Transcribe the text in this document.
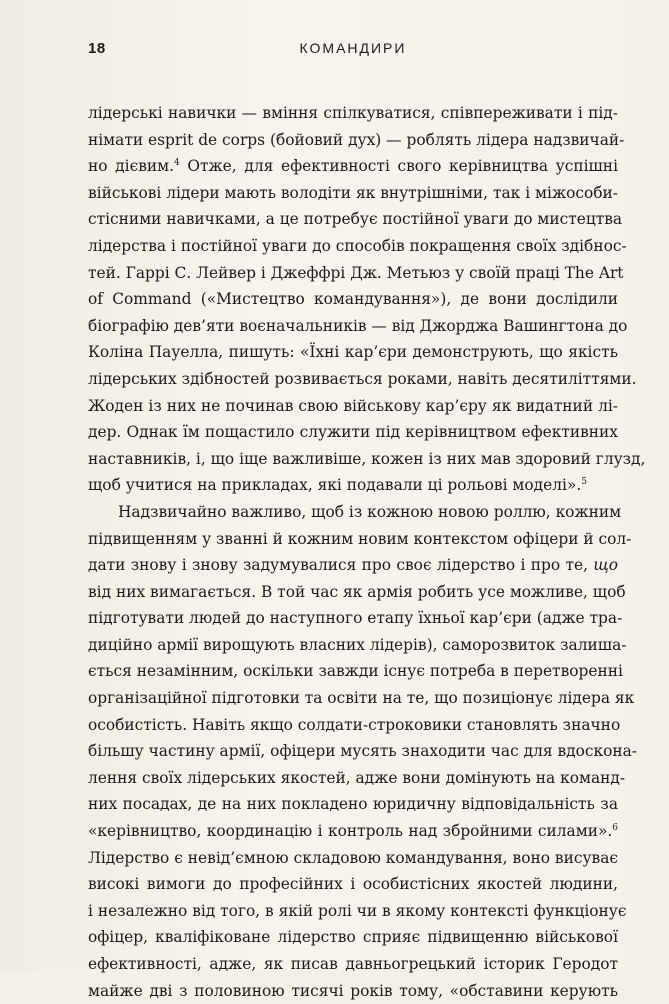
18	КОМАНДИРИ
лідерські навички — вміння спілкуватися, співпереживати і під-
німати esprit de corps (бойовий дух) — роблять лідера надзвичай-
но дієвим.$^4$ Отже, для ефективності свого керівництва успішні
військові лідери мають володіти як внутрішніми, так і міжособи-
стісними навичками, а це потребує постійної уваги до мистецтва
лідерства і постійної уваги до способів покращення своїх здібнос-
тей. Гаррі С. Лейвер і Джеффрі Дж. Метьюз у своїй праці The Art
of Command («Мистецтво командування»), де вони дослідили
біографію дев’яти воєначальників — від Джорджа Вашингтона до
Коліна Пауелла, пишуть: «Їхні кар’єри демонструють, що якість
лідерських здібностей розвивається роками, навіть десятиліттями.
Жоден із них не починав свою військову кар’єру як видатний лі-
дер. Однак їм пощастило служити під керівництвом ефективних
наставників, і, що іще важливіше, кожен із них мав здоровий глузд,
щоб учитися на прикладах, які подавали ці рольові моделі».$^5$
Надзвичайно важливо, щоб із кожною новою роллю, кожним
підвищенням у званні й кожним новим контекстом офіцери й сол-
дати знову і знову задумувалися про своє лідерство і про те, що
від них вимагається. В той час як армія робить усе можливе, щоб
підготувати людей до наступного етапу їхньої кар’єри (адже тра-
диційно армії вирощують власних лідерів), саморозвиток залиша-
ється незамінним, оскільки завжди існує потреба в перетворенні
організаційної підготовки та освіти на те, що позиціонує лідера як
особистість. Навіть якщо солдати-строковики становлять значно
більшу частину армії, офіцери мусять знаходити час для вдоскона-
лення своїх лідерських якостей, адже вони домінують на команд-
них посадах, де на них покладено юридичну відповідальність за
«керівництво, координацію і контроль над збройними силами».$^6$
Лідерство є невід’ємною складовою командування, воно висуває
високі вимоги до професійних і особистісних якостей людини,
і незалежно від того, в якій ролі чи в якому контексті функціонує
офіцер, кваліфіковане лідерство сприяє підвищенню військової
ефективності, адже, як писав давньогрецький історик Геродот
майже дві з половиною тисячі років тому, «обставини керують
